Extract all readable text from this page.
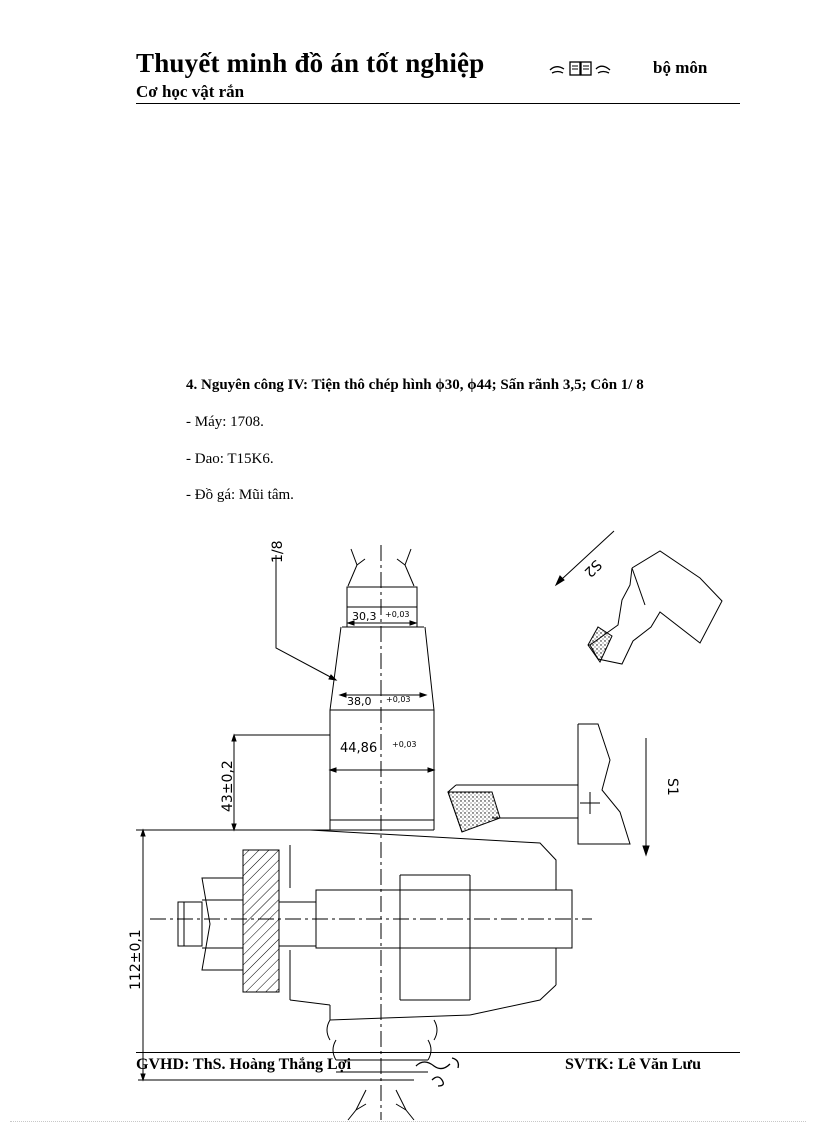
Thuyết minh đồ án tốt nghiệp
Cơ học vật rắn
bộ môn
4. Nguyên công IV: Tiện thô chép hình ϕ30, ϕ44; Sấn rãnh 3,5; Côn 1/ 8
- Máy: 1708.
- Dao: T15K6.
- Đồ gá: Mũi tâm.
30,3 +0,03
38,0 +0,03
44,86 +0,03
1/8
43±0,2
112±0,1
S1
S2
GVHD: ThS. Hoàng Thắng Lợi	SVTK: Lê Văn Lưu
